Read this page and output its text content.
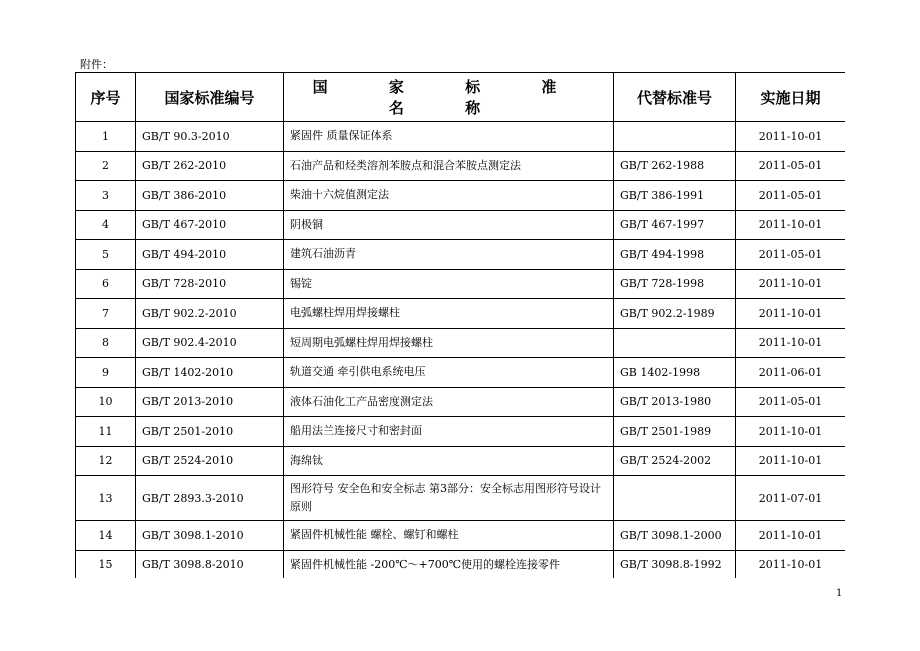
附件：
序号	国家标准编号	国 家 标 准 名 称	代替标准号	实施日期
1	GB/T 90.3-2010	紧固件 质量保证体系		2011-10-01
2	GB/T 262-2010	石油产品和烃类溶剂苯胺点和混合苯胺点测定法	GB/T 262-1988	2011-05-01
3	GB/T 386-2010	柴油十六烷值测定法	GB/T 386-1991	2011-05-01
4	GB/T 467-2010	阴极铜	GB/T 467-1997	2011-10-01
5	GB/T 494-2010	建筑石油沥青	GB/T 494-1998	2011-05-01
6	GB/T 728-2010	锡锭	GB/T 728-1998	2011-10-01
7	GB/T 902.2-2010	电弧螺柱焊用焊接螺柱	GB/T 902.2-1989	2011-10-01
8	GB/T 902.4-2010	短周期电弧螺柱焊用焊接螺柱		2011-10-01
9	GB/T 1402-2010	轨道交通 牵引供电系统电压	GB 1402-1998	2011-06-01
10	GB/T 2013-2010	液体石油化工产品密度测定法	GB/T 2013-1980	2011-05-01
11	GB/T 2501-2010	船用法兰连接尺寸和密封面	GB/T 2501-1989	2011-10-01
12	GB/T 2524-2010	海绵钛	GB/T 2524-2002	2011-10-01
13	GB/T 2893.3-2010	图形符号 安全色和安全标志 第3部分：安全标志用图形符号设计原则		2011-07-01
14	GB/T 3098.1-2010	紧固件机械性能 螺栓、螺钉和螺柱	GB/T 3098.1-2000	2011-10-01
15	GB/T 3098.8-2010	紧固件机械性能 -200℃～+700℃使用的螺栓连接零件	GB/T 3098.8-1992	2011-10-01
1
